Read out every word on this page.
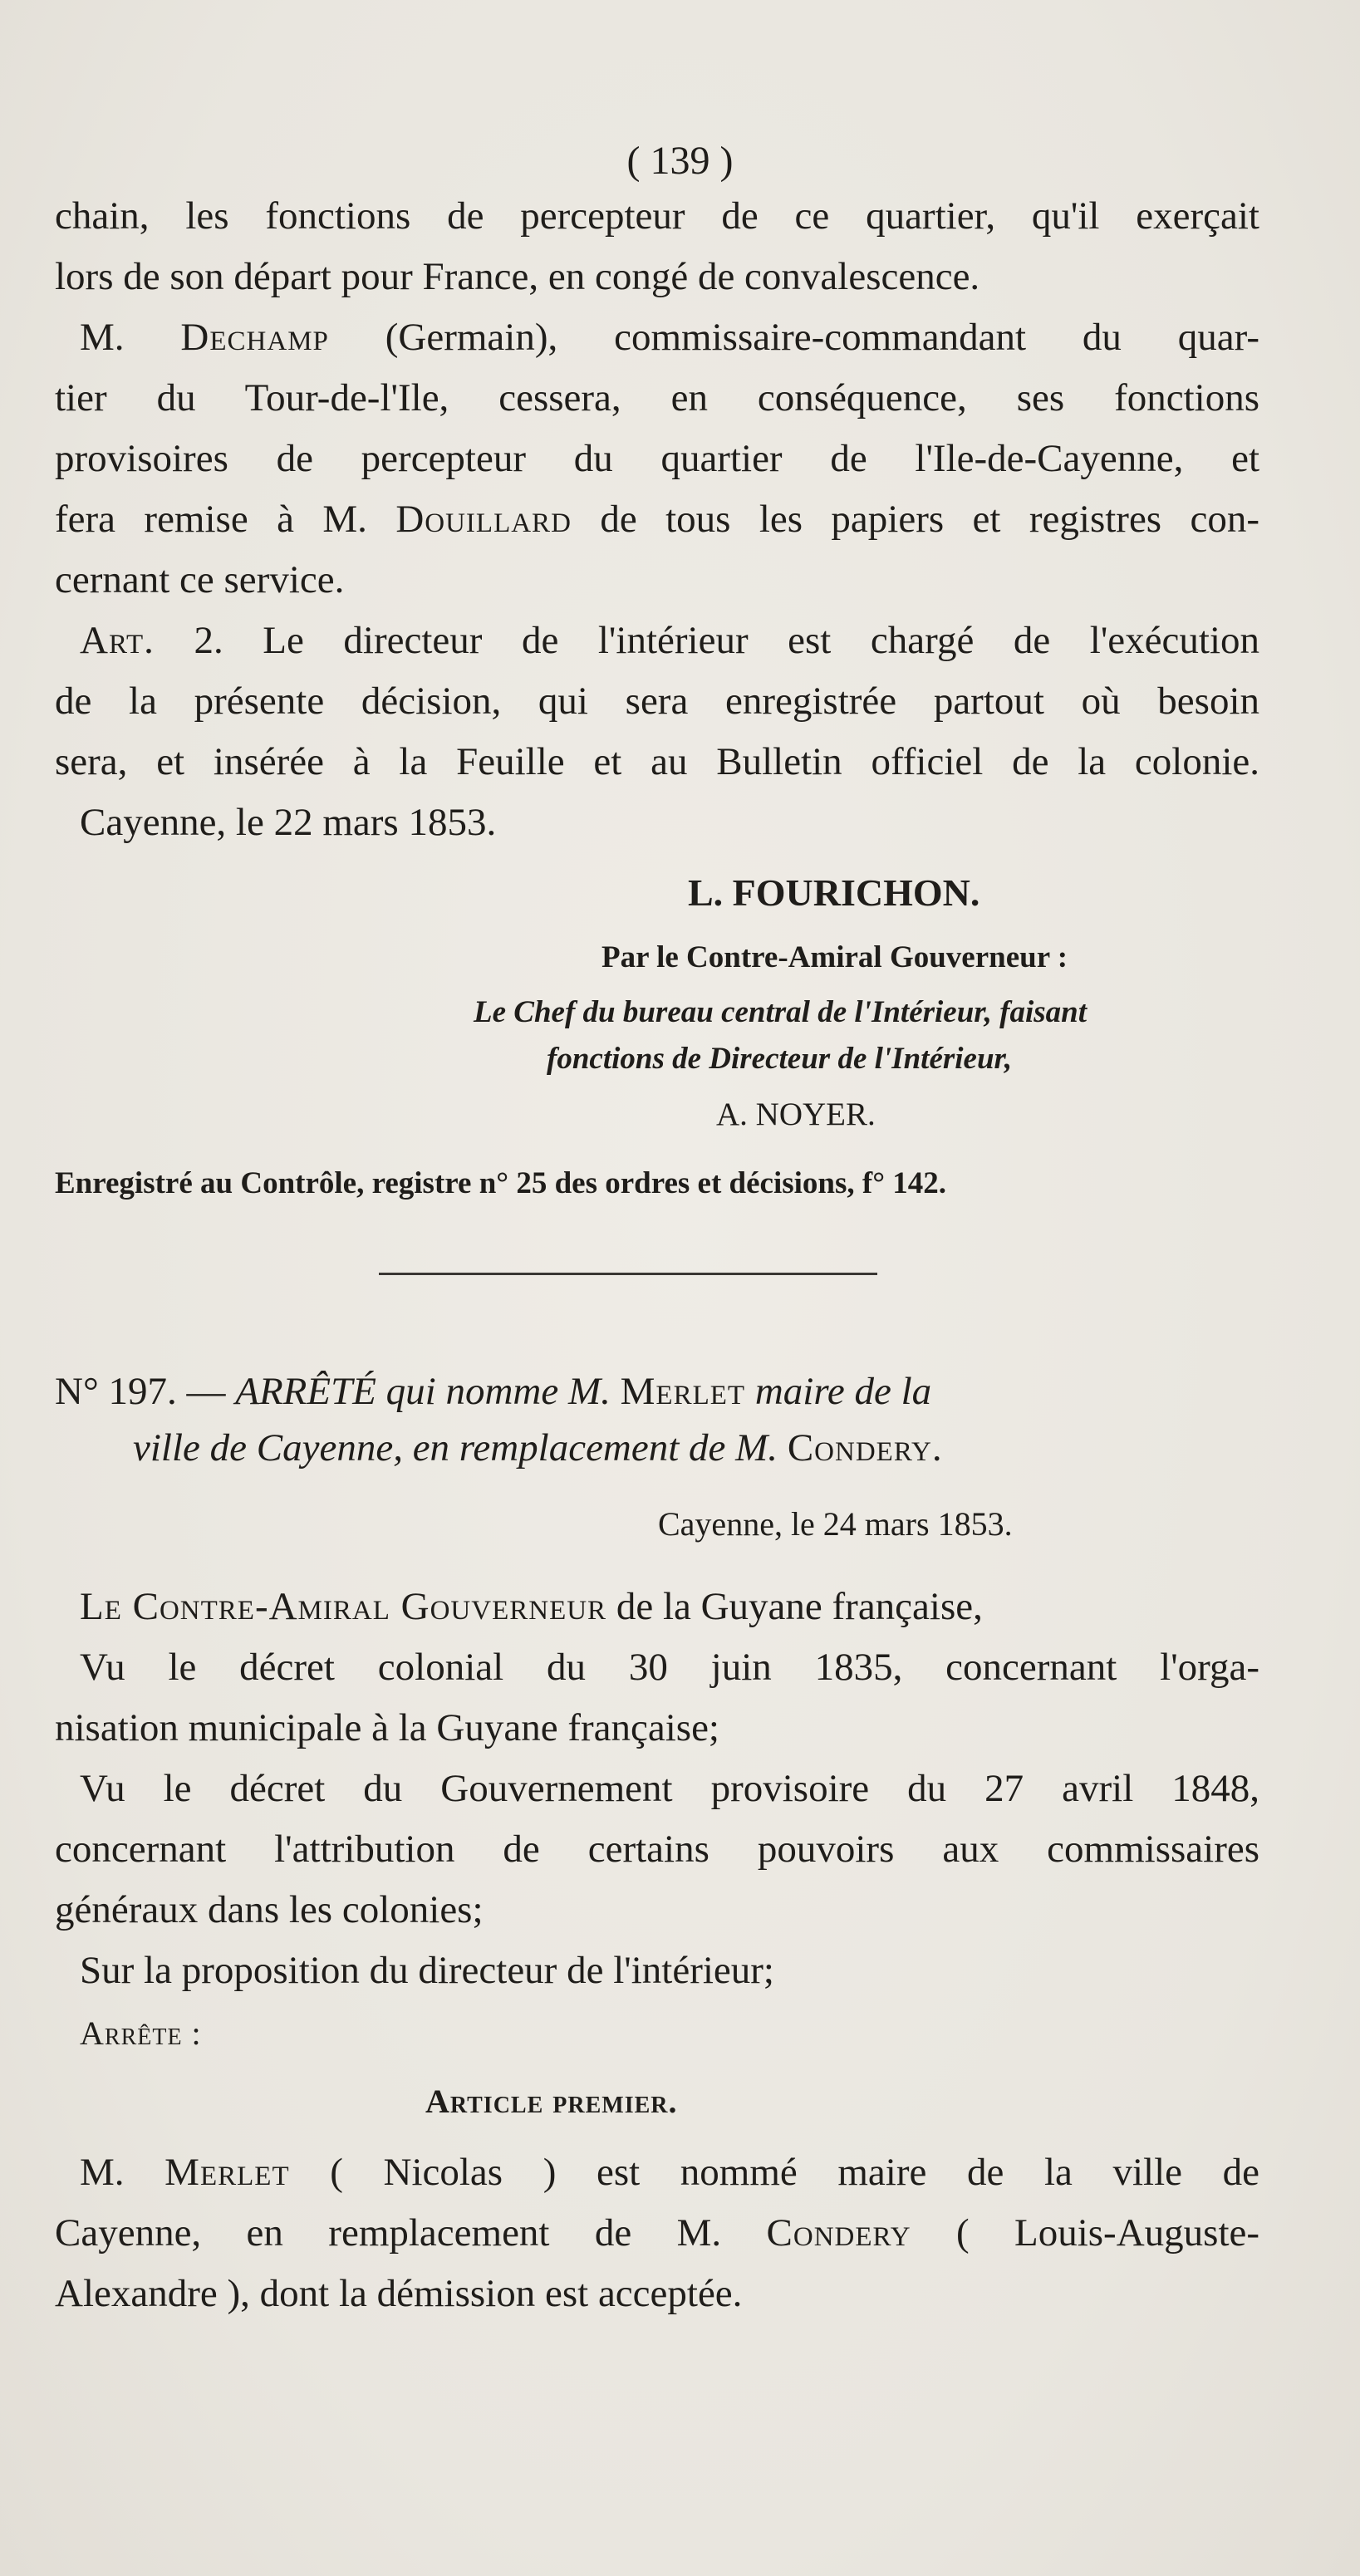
( 139 )
chain, les fonctions de percepteur de ce quartier, qu'il exerçait
lors de son départ pour France, en congé de convalescence.
M. Dechamp (Germain), commissaire-commandant du quar-
tier du Tour-de-l'Ile, cessera, en conséquence, ses fonctions
provisoires de percepteur du quartier de l'Ile-de-Cayenne, et
fera remise à M. Douillard de tous les papiers et registres con-
cernant ce service.
Art. 2. Le directeur de l'intérieur est chargé de l'exécution
de la présente décision, qui sera enregistrée partout où besoin
sera, et insérée à la Feuille et au Bulletin officiel de la colonie.
Cayenne, le 22 mars 1853.
L. FOURICHON.
Par le Contre-Amiral Gouverneur :
Le Chef du bureau central de l'Intérieur, faisant
fonctions de Directeur de l'Intérieur,
A. NOYER.
Enregistré au Contrôle, registre n° 25 des ordres et décisions, f° 142.
N° 197. — ARRÊTÉ qui nomme M. Merlet maire de la
ville de Cayenne, en remplacement de M. Condery.
Cayenne, le 24 mars 1853.
Le Contre-Amiral Gouverneur de la Guyane française,
Vu le décret colonial du 30 juin 1835, concernant l'orga-
nisation municipale à la Guyane française;
Vu le décret du Gouvernement provisoire du 27 avril 1848,
concernant l'attribution de certains pouvoirs aux commissaires
généraux dans les colonies;
Sur la proposition du directeur de l'intérieur;
Arrête :
Article premier.
M. Merlet ( Nicolas ) est nommé maire de la ville de
Cayenne, en remplacement de M. Condery ( Louis-Auguste-
Alexandre ), dont la démission est acceptée.
